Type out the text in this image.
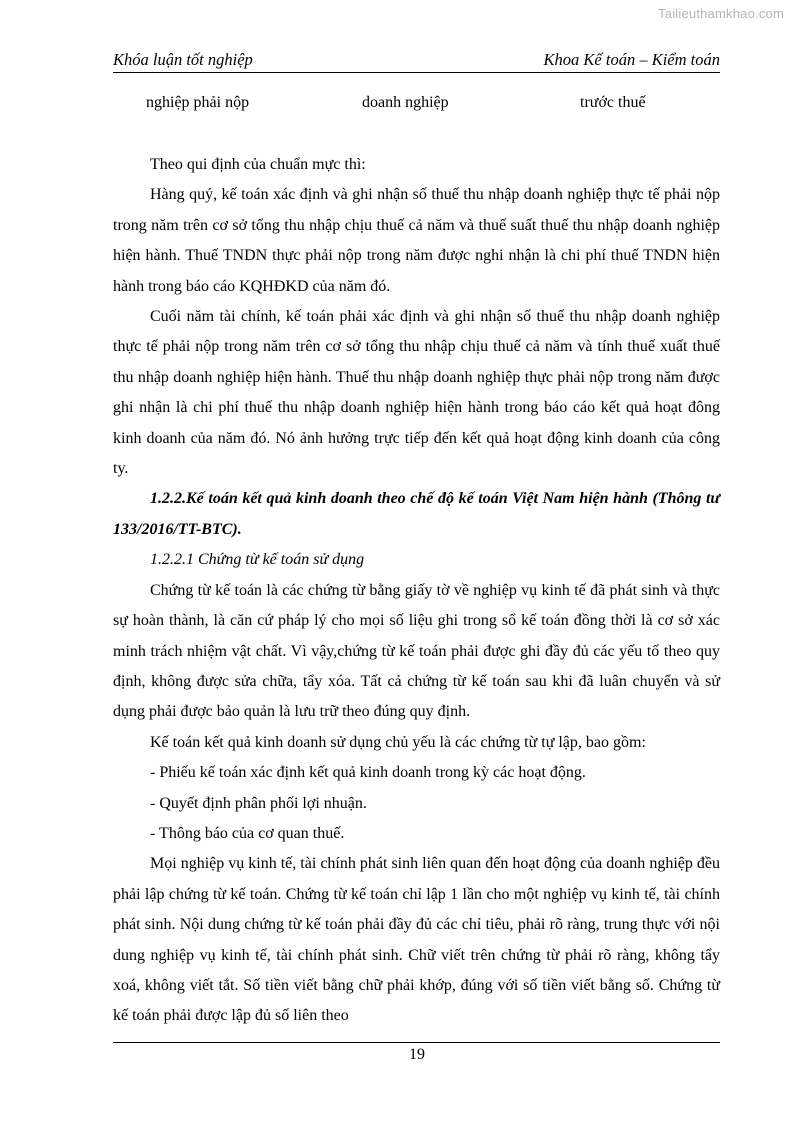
Tailieuthamkhao.com
Khóa luận tốt nghiệp	Khoa Kế toán – Kiểm toán
nghiệp phải nộp	doanh nghiệp	trước thuế

Theo qui định của chuẩn mực thì:

Hàng quý, kế toán xác định và ghi nhận số thuế thu nhập doanh nghiệp thực tế phải nộp trong năm trên cơ sở tổng thu nhập chịu thuế cả năm và thuế suất thuế thu nhập doanh nghiệp hiện hành. Thuế TNDN thực phải nộp trong năm được nghi nhận là chi phí thuế TNDN hiện hành trong báo cáo KQHĐKD của năm đó.

Cuối năm tài chính, kế toán phải xác định và ghi nhận số thuế thu nhập doanh nghiệp thực tế phải nộp trong năm trên cơ sở tổng thu nhập chịu thuế cả năm và tính thuế xuất thuế thu nhập doanh nghiệp hiện hành. Thuế thu nhập doanh nghiệp thực phải nộp trong năm được ghi nhận là chi phí thuế thu nhập doanh nghiệp hiện hành trong báo cáo kết quả hoạt đông kinh doanh của năm đó. Nó ảnh hưởng trực tiếp đến kết quả hoạt động kinh doanh của công ty.

1.2.2.Kế toán kết quả kinh doanh theo chế độ kế toán Việt Nam hiện hành (Thông tư 133/2016/TT-BTC).

1.2.2.1 Chứng từ kế toán sử dụng

Chứng từ kế toán là các chứng từ bằng giấy tờ về nghiệp vụ kinh tế đã phát sinh và thực sự hoàn thành, là căn cứ pháp lý cho mọi số liệu ghi trong sổ kế toán đồng thời là cơ sở xác minh trách nhiệm vật chất. Vì vậy,chứng từ kế toán phải được ghi đầy đủ các yếu tố theo quy định, không được sửa chữa, tẩy xóa. Tất cả chứng từ kế toán sau khi đã luân chuyển và sử dụng phải được bảo quản là lưu trữ theo đúng quy định.

Kế toán kết quả kinh doanh sử dụng chủ yếu là các chứng từ tự lập, bao gồm:

- Phiếu kế toán xác định kết quả kinh doanh trong kỳ các hoạt động.

- Quyết định phân phối lợi nhuận.

- Thông báo của cơ quan thuế.

Mọi nghiệp vụ kinh tế, tài chính phát sinh liên quan đến hoạt động của doanh nghiệp đều phải lập chứng từ kế toán. Chứng từ kế toán chỉ lập 1 lần cho một nghiệp vụ kinh tế, tài chính phát sinh. Nội dung chứng từ kế toán phải đầy đủ các chỉ tiêu, phải rõ ràng, trung thực với nội dung nghiệp vụ kinh tế, tài chính phát sinh. Chữ viết trên chứng từ phải rõ ràng, không tẩy xoá, không viết tắt. Số tiền viết bằng chữ phải khớp, đúng với số tiền viết bằng số. Chứng từ kế toán phải được lập đủ số liên theo

19
